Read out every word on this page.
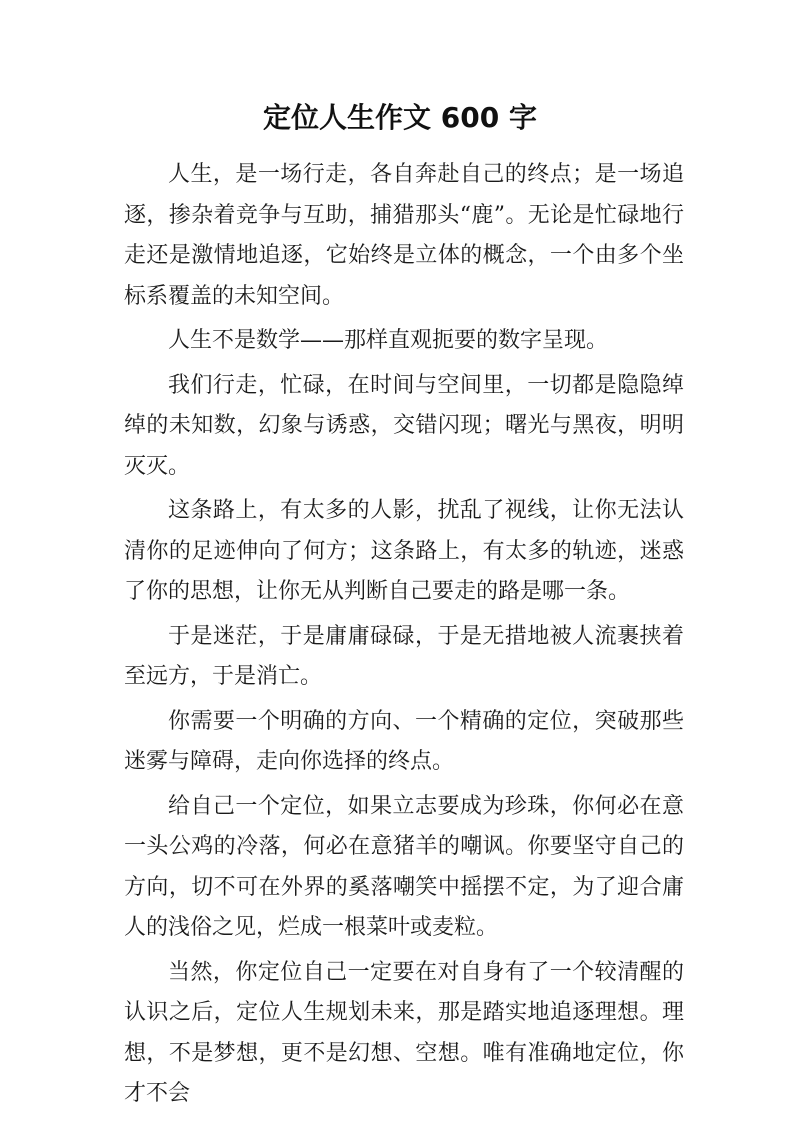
定位人生作文 600 字

人生，是一场行走，各自奔赴自己的终点；是一场追逐，掺杂着竞争与互助，捕猎那头“鹿”。无论是忙碌地行走还是激情地追逐，它始终是立体的概念，一个由多个坐标系覆盖的未知空间。

人生不是数学——那样直观扼要的数字呈现。

我们行走，忙碌，在时间与空间里，一切都是隐隐绰绰的未知数，幻象与诱惑，交错闪现；曙光与黑夜，明明灭灭。

这条路上，有太多的人影，扰乱了视线，让你无法认清你的足迹伸向了何方；这条路上，有太多的轨迹，迷惑了你的思想，让你无从判断自己要走的路是哪一条。

于是迷茫，于是庸庸碌碌，于是无措地被人流裹挟着至远方，于是消亡。

你需要一个明确的方向、一个精确的定位，突破那些迷雾与障碍，走向你选择的终点。

给自己一个定位，如果立志要成为珍珠，你何必在意一头公鸡的冷落，何必在意猪羊的嘲讽。你要坚守自己的方向，切不可在外界的奚落嘲笑中摇摆不定，为了迎合庸人的浅俗之见，烂成一根菜叶或麦粒。

当然，你定位自己一定要在对自身有了一个较清醒的认识之后，定位人生规划未来，那是踏实地追逐理想。理想，不是梦想，更不是幻想、空想。唯有准确地定位，你才不会
